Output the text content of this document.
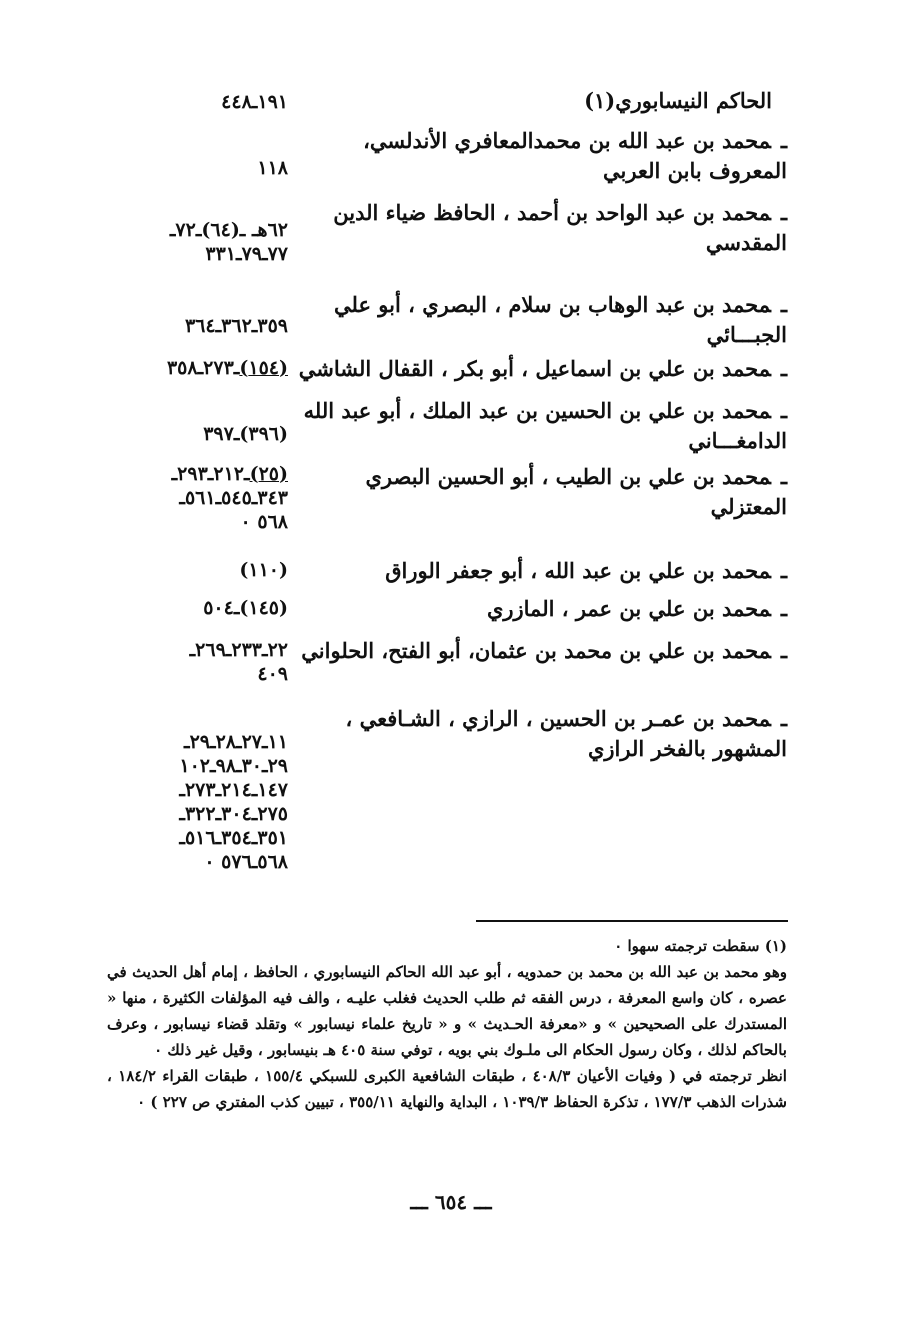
الحاكم النيسابوري(١)
١٩١ـ٤٤٨
ـمحمد بن عبد الله بن محمدالمعافري الأندلسي، المعروف بابن العربي
١١٨
ـمحمد بن عبد الواحد بن أحمد ، الحافظ ضياء الدين المقدسي
٦٢هـ ـ(٦٤)ـ٧٢ـ
٧٧ـ٧٩ـ٣٣١
ـمحمد بن عبد الوهاب بن سلام ، البصري ، أبو علي الجبـــائي
٣٥٩ـ٣٦٢ـ٣٦٤
ـمحمد بن علي بن اسماعيل ، أبو بكر ، القفال الشاشي
(١٥٤)ـ٢٧٣ـ٣٥٨
ـمحمد بن علي بن الحسين بن عبد الملك ، أبو عبد الله الدامغـــاني
(٣٩٦)ـ٣٩٧
ـمحمد بن علي بن الطيب ، أبو الحسين البصري المعتزلي
(٢٥)ـ٢١٢ـ٢٩٣ـ
٣٤٣ـ٥٤٥ـ٥٦١ـ
٥٦٨ ٠
ـمحمد بن علي بن عبد الله ، أبو جعفر الوراق
(١١٠)
ـمحمد بن علي بن عمر ، المازري
(١٤٥)ـ٥٠٤
ـمحمد بن علي بن محمد بن عثمان، أبو الفتح، الحلواني
٢٢ـ٢٣٣ـ٢٦٩ـ
٤٠٩
ـمحمد بن عمـر بن الحسين ، الرازي ، الشـافعي ، المشهور بالفخر الرازي
١١ـ٢٧ـ٢٨ـ٢٩ـ
٢٩ـ٣٠ـ٩٨ـ١٠٢
١٤٧ـ٢١٤ـ٢٧٣ـ
٢٧٥ـ٣٠٤ـ٣٢٢ـ
٣٥١ـ٣٥٤ـ٥١٦ـ
٥٦٨ـ٥٧٦ ٠

(١) سقطت ترجمته سهوا ٠

وهو محمد بن عبد الله بن محمد بن حمدويه ، أبو عبد الله الحاكم النيسابوري ، الحافظ ، إمام أهل الحديث في عصره ، كان واسع المعرفة ، درس الفقه ثم طلب الحديث فغلب عليـه ، والف فيه المؤلفات الكثيرة ، منها « المستدرك على الصحيحين » و «معرفة الحـديث » و « تاريخ علماء نيسابور » وتقلد قضاء نيسابور ، وعرف بالحاكم لذلك ، وكان رسول الحكام الى ملـوك بني بويه ، توفي سنة ٤٠٥ هـ بنيسابور ، وقيل غير ذلك ٠

انظر ترجمته في ( وفيات الأعيان ٤٠٨/٣ ، طبقات الشافعية الكبرى للسبكي ١٥٥/٤ ، طبقات القراء ١٨٤/٢ ، شذرات الذهب ١٧٧/٣ ، تذكرة الحفاظ ١٠٣٩/٣ ، البداية والنهاية ٣٥٥/١١ ، تبيين كذب المفتري ص ٢٢٧ ) ٠

ـــ ٦٥٤ ـــ
